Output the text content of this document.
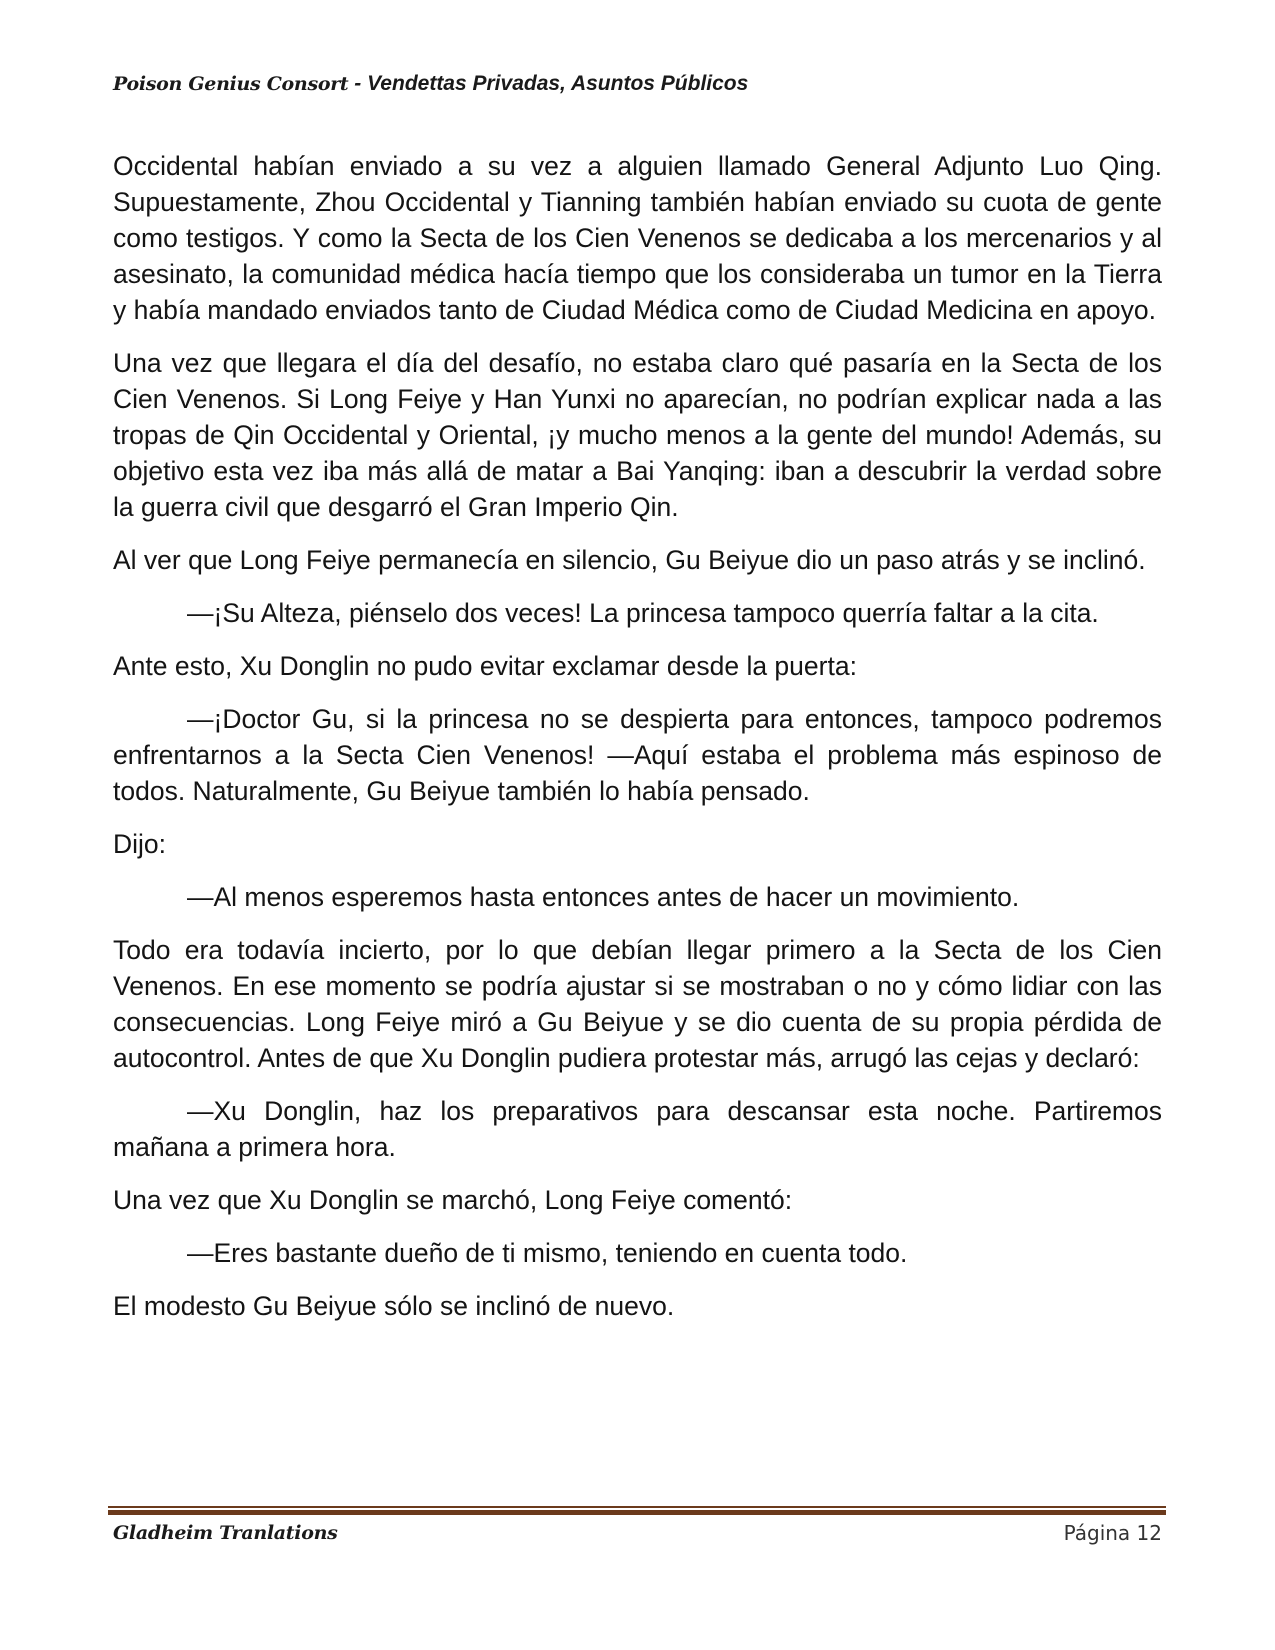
Poison Genius Consort - Vendettas Privadas, Asuntos Públicos

Occidental habían enviado a su vez a alguien llamado General Adjunto Luo Qing. Supuestamente, Zhou Occidental y Tianning también habían enviado su cuota de gente como testigos. Y como la Secta de los Cien Venenos se dedicaba a los mercenarios y al asesinato, la comunidad médica hacía tiempo que los consideraba un tumor en la Tierra y había mandado enviados tanto de Ciudad Médica como de Ciudad Medicina en apoyo.

Una vez que llegara el día del desafío, no estaba claro qué pasaría en la Secta de los Cien Venenos. Si Long Feiye y Han Yunxi no aparecían, no podrían explicar nada a las tropas de Qin Occidental y Oriental, ¡y mucho menos a la gente del mundo! Además, su objetivo esta vez iba más allá de matar a Bai Yanqing: iban a descubrir la verdad sobre la guerra civil que desgarró el Gran Imperio Qin.

Al ver que Long Feiye permanecía en silencio, Gu Beiyue dio un paso atrás y se inclinó.

—¡Su Alteza, piénselo dos veces! La princesa tampoco querría faltar a la cita.

Ante esto, Xu Donglin no pudo evitar exclamar desde la puerta:

—¡Doctor Gu, si la princesa no se despierta para entonces, tampoco podremos enfrentarnos a la Secta Cien Venenos! —Aquí estaba el problema más espinoso de todos. Naturalmente, Gu Beiyue también lo había pensado.

Dijo:

—Al menos esperemos hasta entonces antes de hacer un movimiento.

Todo era todavía incierto, por lo que debían llegar primero a la Secta de los Cien Venenos. En ese momento se podría ajustar si se mostraban o no y cómo lidiar con las consecuencias. Long Feiye miró a Gu Beiyue y se dio cuenta de su propia pérdida de autocontrol. Antes de que Xu Donglin pudiera protestar más, arrugó las cejas y declaró:

—Xu Donglin, haz los preparativos para descansar esta noche. Partiremos mañana a primera hora.

Una vez que Xu Donglin se marchó, Long Feiye comentó:

—Eres bastante dueño de ti mismo, teniendo en cuenta todo.

El modesto Gu Beiyue sólo se inclinó de nuevo.

Gladheim Tranlations	Página 12
